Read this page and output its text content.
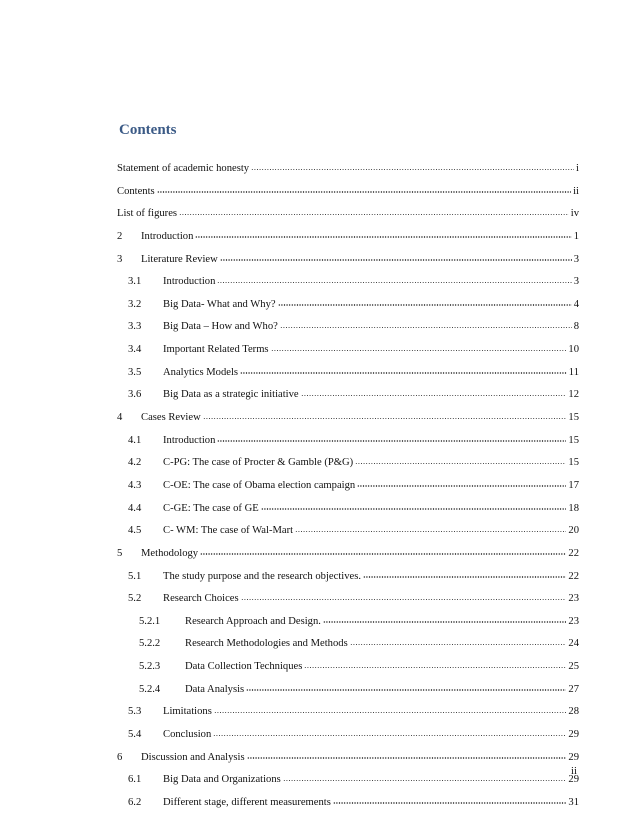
Contents
Statement of academic honesty	i
Contents	ii
List of figures	iv
2	Introduction	1
3	Literature Review	3
3.1	Introduction	3
3.2	Big Data- What and Why?	4
3.3	Big Data – How and Who?	8
3.4	Important Related Terms	10
3.5	Analytics Models	11
3.6	Big Data as a strategic initiative	12
4	Cases Review	15
4.1	Introduction	15
4.2	C-PG: The case of Procter & Gamble (P&G)	15
4.3	C-OE: The case of Obama election campaign	17
4.4	C-GE: The case of GE	18
4.5	C- WM: The case of Wal-Mart	20
5	Methodology	22
5.1	The study purpose and the research objectives.	22
5.2	Research Choices	23
5.2.1	Research Approach and Design.	23
5.2.2	Research Methodologies and Methods	24
5.2.3	Data Collection Techniques	25
5.2.4	Data Analysis	27
5.3	Limitations	28
5.4	Conclusion	29
6	Discussion and Analysis	29
6.1	Big Data and Organizations	29
6.2	Different stage, different measurements	31
ii
